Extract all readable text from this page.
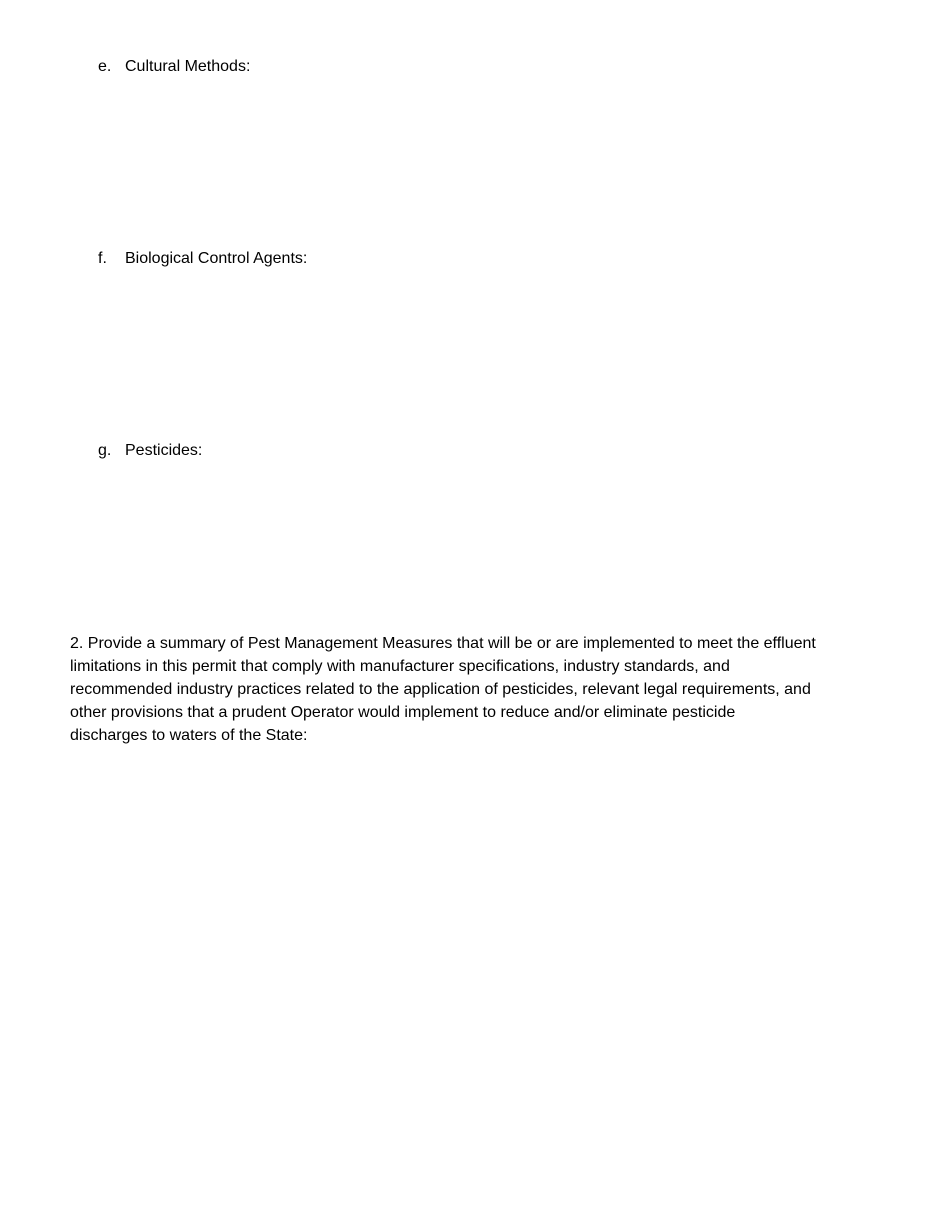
e. Cultural Methods:
f. Biological Control Agents:
g. Pesticides:
2. Provide a summary of Pest Management Measures that will be or are implemented to meet the effluent
limitations in this permit that comply with manufacturer specifications, industry standards, and
recommended industry practices related to the application of pesticides, relevant legal requirements, and
other provisions that a prudent Operator would implement to reduce and/or eliminate pesticide
discharges to waters of the State:
